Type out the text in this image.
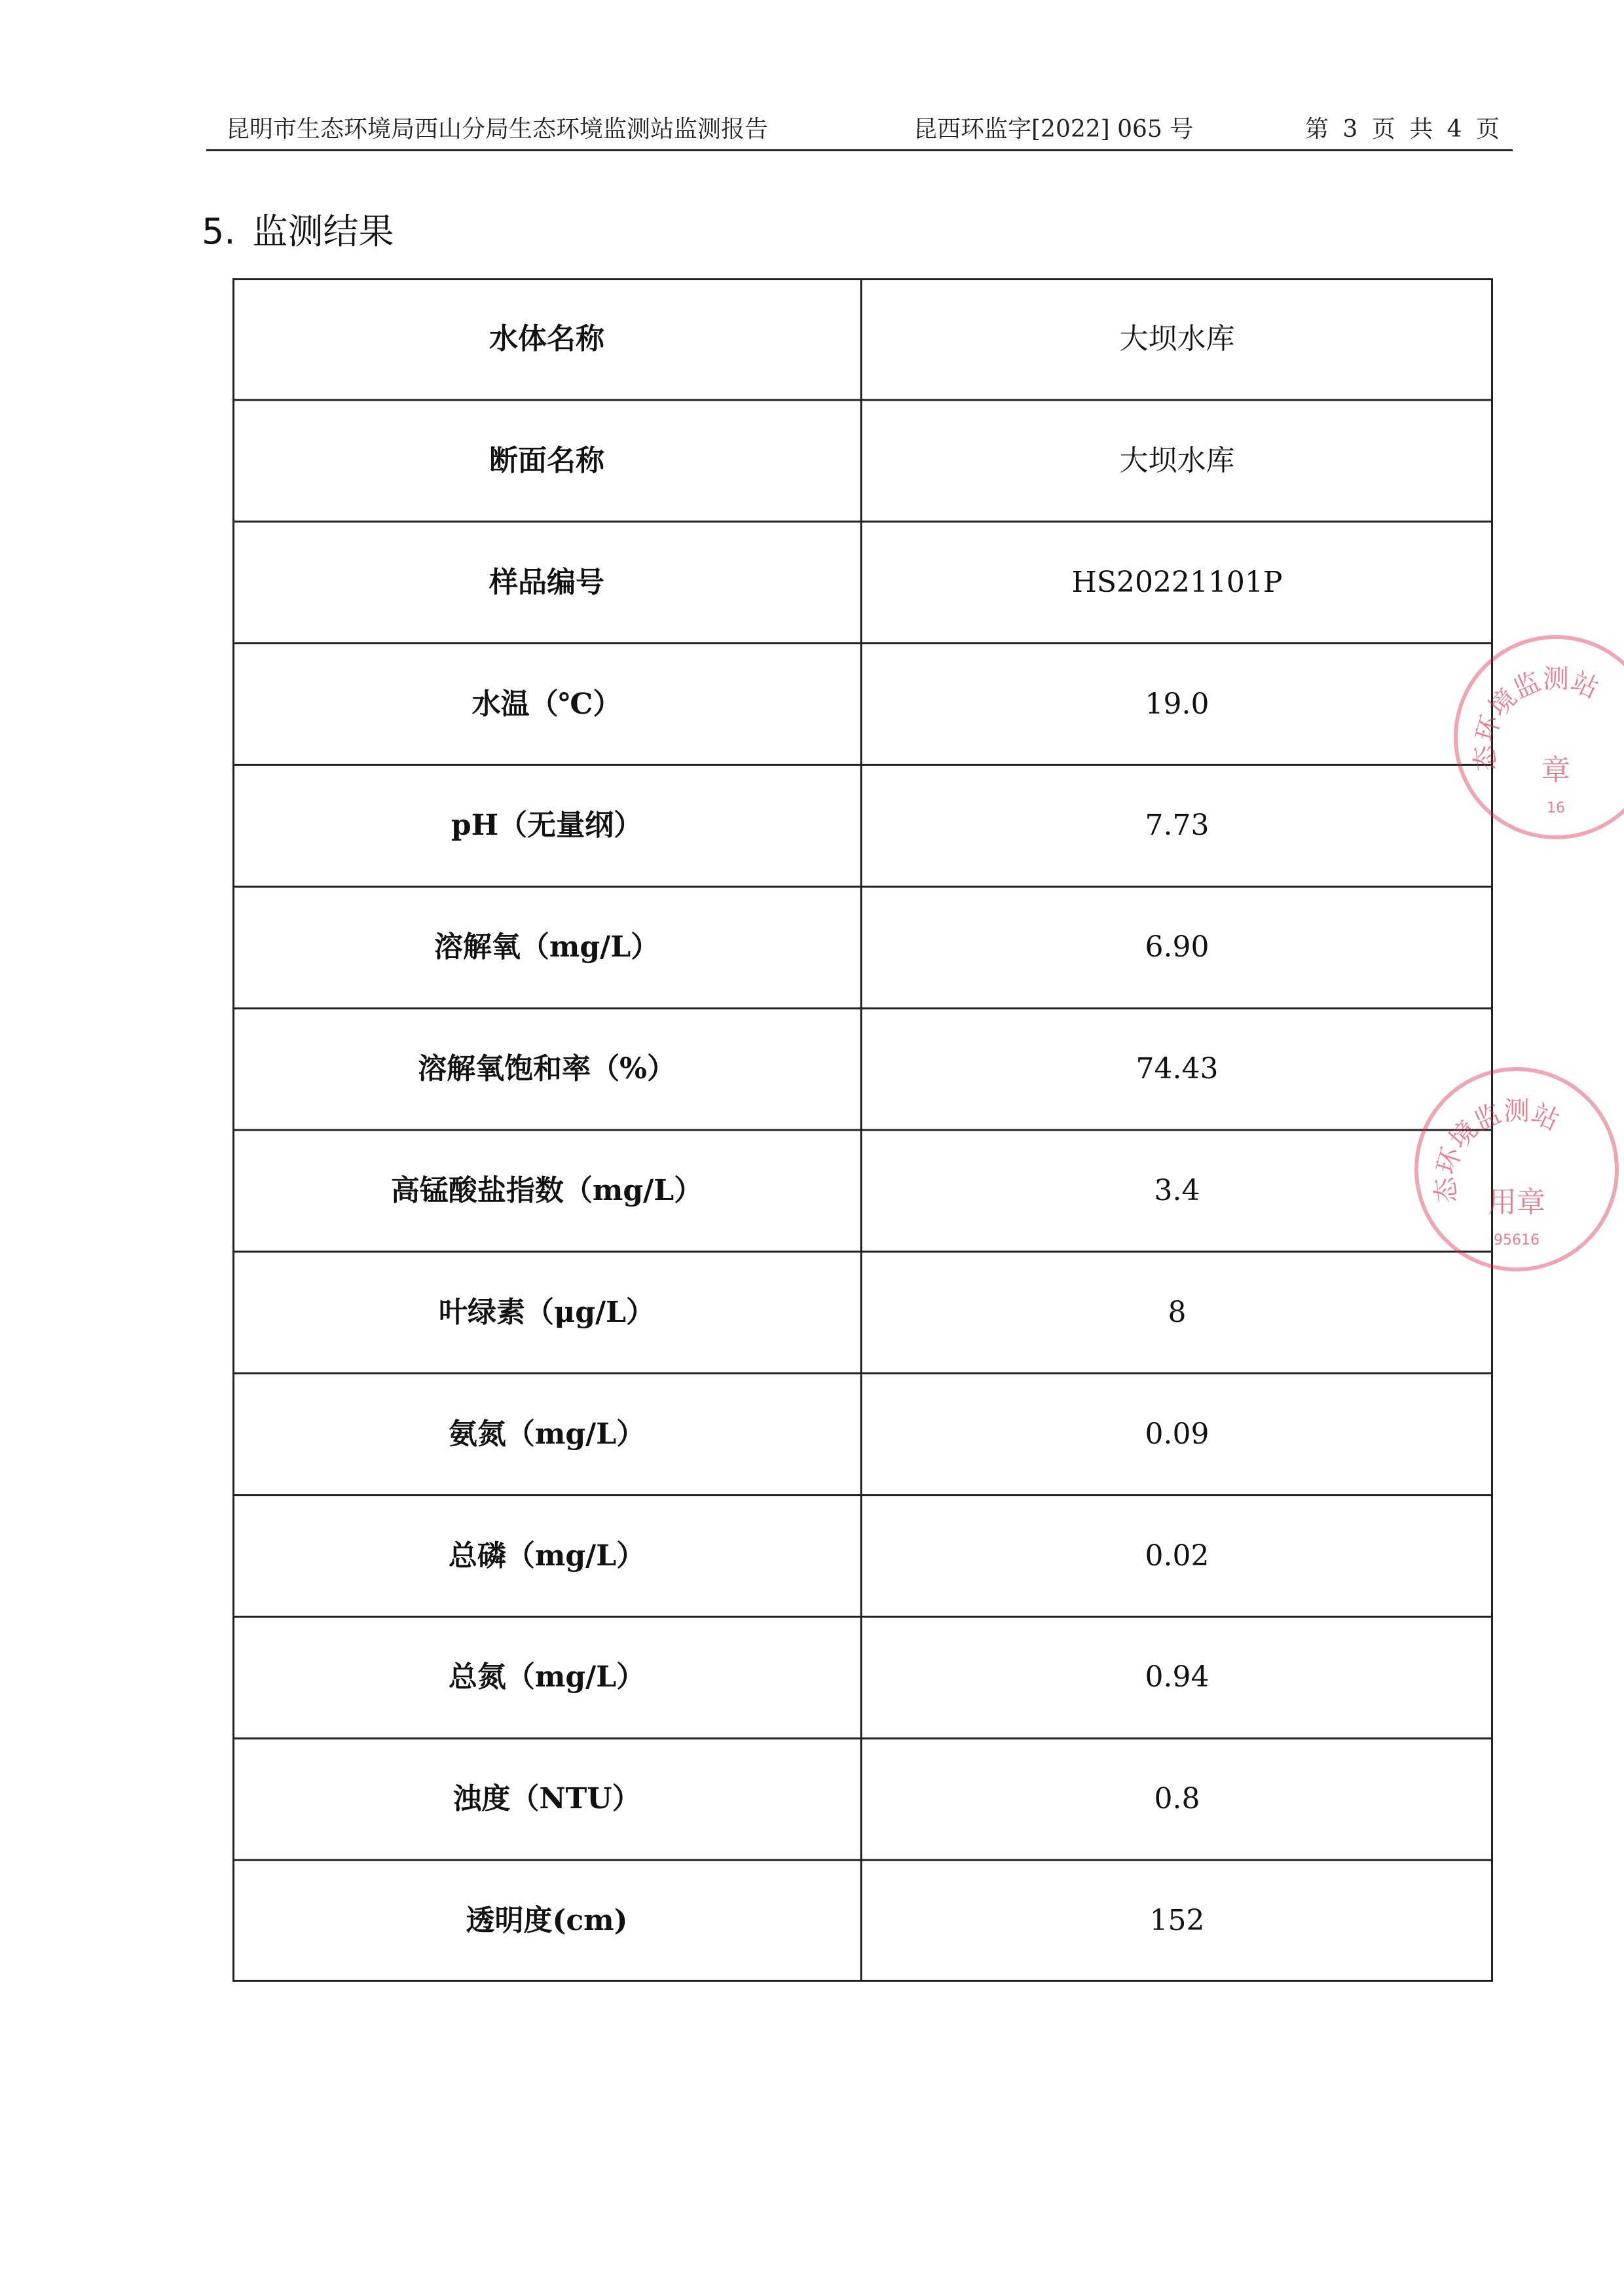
昆明市生态环境局西山分局生态环境监测站监测报告	昆西环监字[2022] 065 号	第 3 页 共 4 页
5. 监测结果
水体名称	大坝水库
断面名称	大坝水库
样品编号	HS20221101P
水温（℃）	19.0
pH（无量纲）	7.73
溶解氧（mg/L）	6.90
溶解氧饱和率（%）	74.43
高锰酸盐指数（mg/L）	3.4
叶绿素（μg/L）	8
氨氮（mg/L）	0.09
总磷（mg/L）	0.02
总氮（mg/L）	0.94
浊度（NTU）	0.8
透明度(cm)	152
态环境监测站
章
16
态环境监测站
用章
95616
